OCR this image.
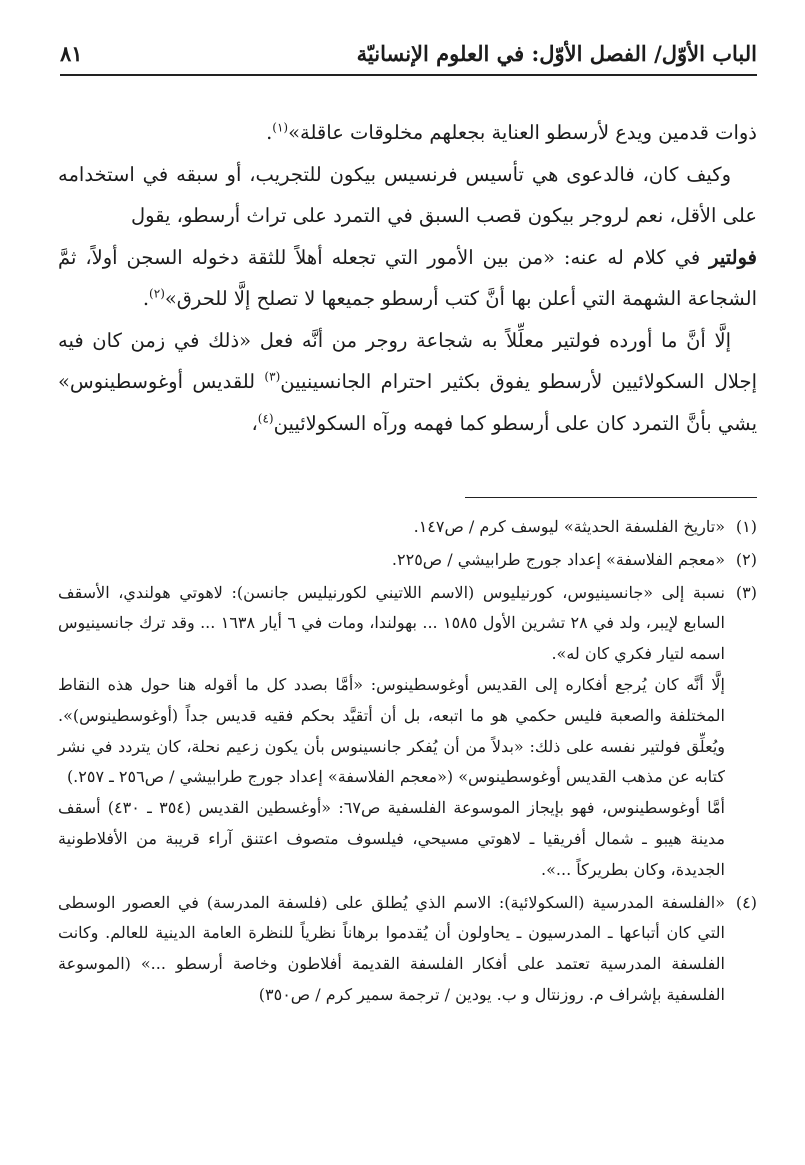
الباب الأوّل/ الفصل الأوّل: في العلوم الإنسانيّة
٨١

ذوات قدمين ويدع لأرسطو العناية بجعلهم مخلوقات عاقلة»$^{(١)}$.

وكيف كان، فالدعوى هي تأسيس فرنسيس بيكون للتجريب، أو سبقه في استخدامه على الأقل، نعم لروجر بيكون قصب السبق في التمرد على تراث أرسطو، يقول
فولتير في كلام له عنه: «من بين الأمور التي تجعله أهلاً للثقة دخوله السجن أولاً، ثمَّ الشجاعة الشهمة التي أعلن بها أنَّ كتب أرسطو جميعها لا تصلح إلَّا للحرق»$^{(٢)}$.

إلَّا أنَّ ما أورده فولتير معلِّلاً به شجاعة روجر من أنَّه فعل «ذلك في زمن كان فيه إجلال السكولائيين لأرسطو يفوق بكثير احترام الجانسينيين$^{(٣)}$ للقديس أوغوسطينوس» يشي بأنَّ التمرد كان على أرسطو كما فهمه ورآه السكولائيين$^{(٤)}$،

(١)

«تاريخ الفلسفة الحديثة» ليوسف كرم / ص١٤٧.

(٢)

«معجم الفلاسفة» إعداد جورج طرابيشي / ص٢٢٥.

(٣)

نسبة إلى «جانسينيوس، كورنيليوس (الاسم اللاتيني لكورنيليس جانسن): لاهوتي هولندي، الأسقف السابع لإيبر، ولد في ٢٨ تشرين الأول ١٥٨٥ ... بهولندا، ومات في ٦ أيار ١٦٣٨ ... وقد ترك جانسينيوس اسمه لتيار فكري كان له».

إلَّا أنَّه كان يُرجع أفكاره إلى القديس أوغوسطينوس: «أمَّا بصدد كل ما أقوله هنا حول هذه النقاط المختلفة والصعبة فليس حكمي هو ما اتبعه، بل أن أتقيَّد بحكم فقيه قديس جداً (أوغوسطينوس)». ويُعلِّق فولتير نفسه على ذلك: «بدلاً من أن يُفكر جانسينوس بأن يكون زعيم نحلة، كان يتردد في نشر كتابه عن مذهب القديس أوغوسطينوس» («معجم الفلاسفة» إعداد جورج طرابيشي / ص٢٥٦ ـ ٢٥٧.)

أمَّا أوغوسطينوس، فهو بإيجاز الموسوعة الفلسفية ص٦٧: «أوغسطين القديس (٣٥٤ ـ ٤٣٠) أسقف مدينة هيبو ـ شمال أفريقيا ـ لاهوتي مسيحي، فيلسوف متصوف اعتنق آراء قريبة من الأفلاطونية الجديدة، وكان بطريركاً ...».

(٤)

«الفلسفة المدرسية (السكولائية): الاسم الذي يُطلق على (فلسفة المدرسة) في العصور الوسطى التي كان أتباعها ـ المدرسيون ـ يحاولون أن يُقدموا برهاناً نظرياً للنظرة العامة الدينية للعالم. وكانت الفلسفة المدرسية تعتمد على أفكار الفلسفة القديمة أفلاطون وخاصة أرسطو ...» (الموسوعة الفلسفية بإشراف م. روزنتال و ب. يودين / ترجمة سمير كرم / ص٣٥٠)
